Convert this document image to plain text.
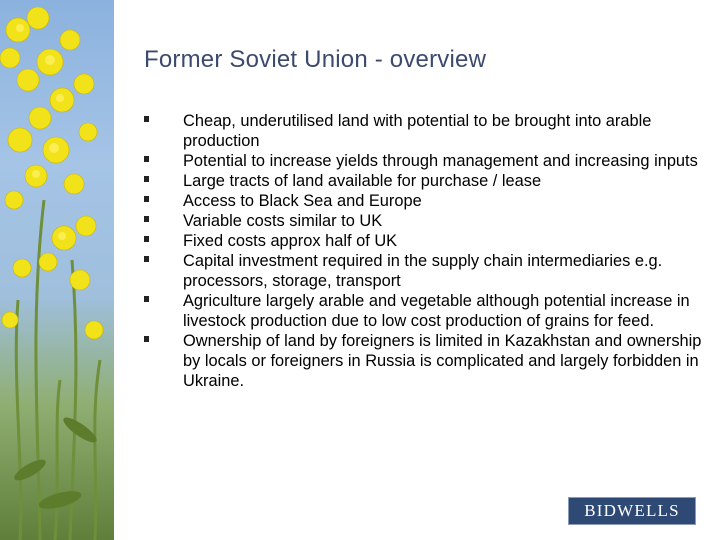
Former Soviet Union - overview
Cheap, underutilised land with potential to be brought into arable production
Potential to increase yields through management and increasing inputs
Large tracts of land available for purchase / lease
Access to Black Sea and Europe
Variable costs similar to UK
Fixed costs approx half of UK
Capital investment required in the supply chain intermediaries e.g. processors, storage, transport
Agriculture largely arable and vegetable although potential increase in livestock production due to low cost production of grains for feed.
Ownership of land by foreigners is limited in Kazakhstan and ownership by locals or foreigners in Russia is complicated and largely forbidden in Ukraine.
BIDWELLS
